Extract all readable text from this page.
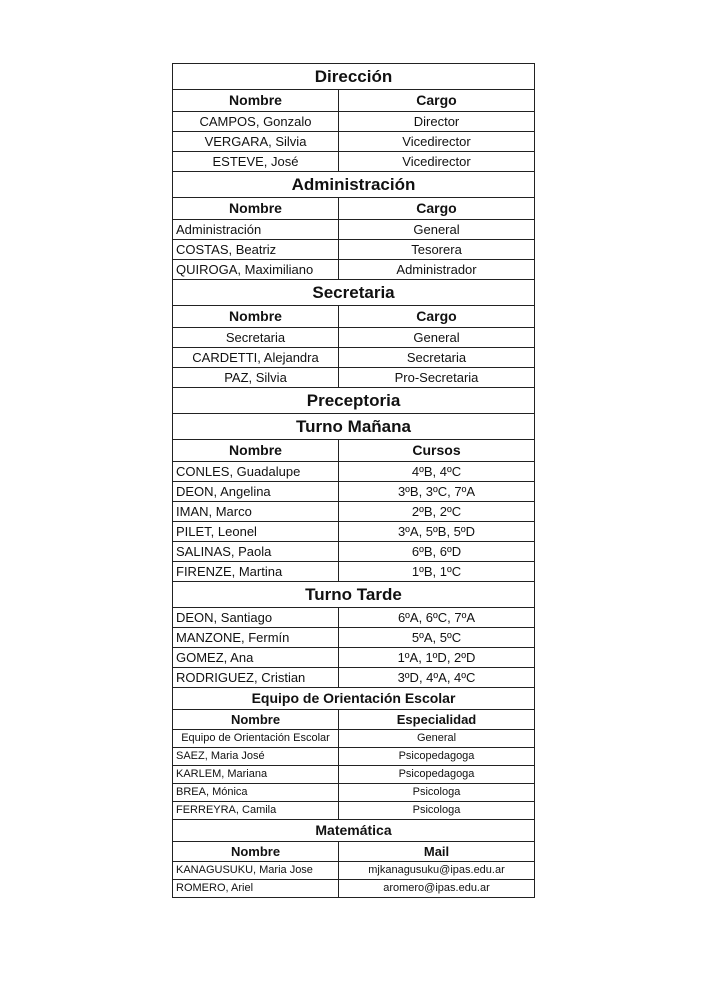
Dirección	
Nombre	Cargo
CAMPOS, Gonzalo	Director
VERGARA, Silvia	Vicedirector
ESTEVE, José	Vicedirector
Administración	
Nombre	Cargo
Administración	General
COSTAS, Beatriz	Tesorera
QUIROGA, Maximiliano	Administrador
Secretaria	
Nombre	Cargo
Secretaria	General
CARDETTI, Alejandra	Secretaria
PAZ, Silvia	Pro-Secretaria
Preceptoria	
Turno Mañana	
Nombre	Cursos
CONLES, Guadalupe	4ºB, 4ºC
DEON, Angelina	3ºB, 3ºC, 7ºA
IMAN, Marco	2ºB, 2ºC
PILET, Leonel	3ºA, 5ºB, 5ºD
SALINAS, Paola	6ºB, 6ºD
FIRENZE, Martina	1ºB, 1ºC
Turno Tarde	
DEON, Santiago	6ºA, 6ºC, 7ºA
MANZONE, Fermín	5ºA, 5ºC
GOMEZ, Ana	1ºA, 1ºD, 2ºD
RODRIGUEZ, Cristian	3ºD, 4ºA, 4ºC
Equipo de Orientación Escolar	
Nombre	Especialidad
Equipo de Orientación Escolar	General
SAEZ, Maria José	Psicopedagoga
KARLEM, Mariana	Psicopedagoga
BREA, Mónica	Psicologa
FERREYRA, Camila	Psicologa
Matemática	
Nombre	Mail
KANAGUSUKU, Maria Jose	mjkanagusuku@ipas.edu.ar
ROMERO, Ariel	aromero@ipas.edu.ar
